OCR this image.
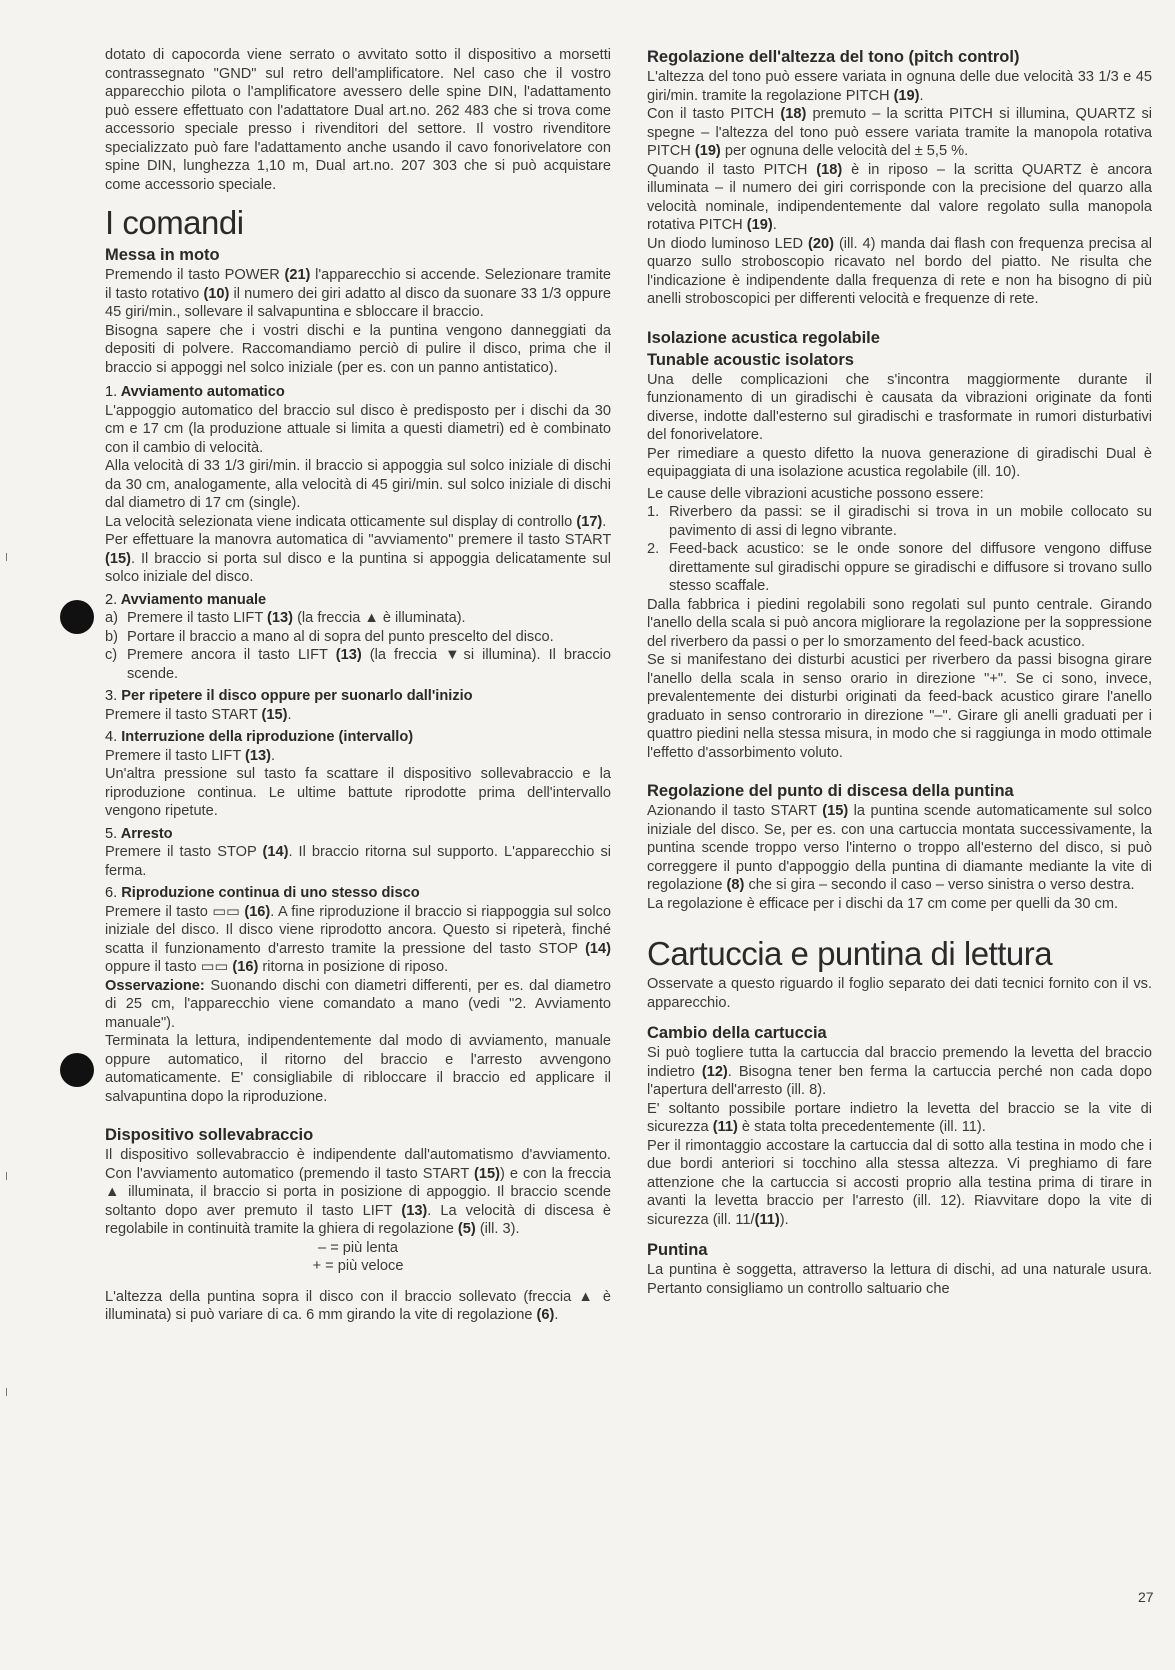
dotato di capocorda viene serrato o avvitato sotto il dispositivo a morsetti contrassegnato "GND" sul retro dell'amplificatore. Nel caso che il vostro apparecchio pilota o l'amplificatore avessero delle spine DIN, l'adattamento può essere effettuato con l'adattatore Dual art.no. 262 483 che si trova come accessorio speciale presso i rivenditori del settore. Il vostro rivenditore specializzato può fare l'adattamento anche usando il cavo fonorivelatore con spine DIN, lunghezza 1,10 m, Dual art.no. 207 303 che si può acquistare come accessorio speciale.

I comandi
Messa in moto

Premendo il tasto POWER (21) l'apparecchio si accende. Selezionare tramite il tasto rotativo (10) il numero dei giri adatto al disco da suonare 33 1/3 oppure 45 giri/min., sollevare il salvapuntina e sbloccare il braccio.

Bisogna sapere che i vostri dischi e la puntina vengono danneggiati da depositi di polvere. Raccomandiamo perciò di pulire il disco, prima che il braccio si appoggi nel solco iniziale (per es. con un panno antistatico).

1. Avviamento automatico

L'appoggio automatico del braccio sul disco è predisposto per i dischi da 30 cm e 17 cm (la produzione attuale si limita a questi diametri) ed è combinato con il cambio di velocità.

Alla velocità di 33 1/3 giri/min. il braccio si appoggia sul solco iniziale di dischi da 30 cm, analogamente, alla velocità di 45 giri/min. sul solco iniziale di dischi dal diametro di 17 cm (single).

La velocità selezionata viene indicata otticamente sul display di controllo (17).

Per effettuare la manovra automatica di "avviamento" premere il tasto START (15). Il braccio si porta sul disco e la puntina si appoggia delicatamente sul solco iniziale del disco.

2. Avviamento manuale

a) Premere il tasto LIFT (13) (la freccia ▲ è illuminata).

b) Portare il braccio a mano al di sopra del punto prescelto del disco.

c) Premere ancora il tasto LIFT (13) (la freccia ▼si illumina). Il braccio scende.

3. Per ripetere il disco oppure per suonarlo dall'inizio

Premere il tasto START (15).

4. Interruzione della riproduzione (intervallo)

Premere il tasto LIFT (13).

Un'altra pressione sul tasto fa scattare il dispositivo sollevabraccio e la riproduzione continua. Le ultime battute riprodotte prima dell'intervallo vengono ripetute.

5. Arresto

Premere il tasto STOP (14). Il braccio ritorna sul supporto. L'apparecchio si ferma.

6. Riproduzione continua di uno stesso disco

Premere il tasto ▭▭ (16). A fine riproduzione il braccio si riappoggia sul solco iniziale del disco. Il disco viene riprodotto ancora. Questo si ripeterà, finché scatta il funzionamento d'arresto tramite la pressione del tasto STOP (14) oppure il tasto ▭▭ (16) ritorna in posizione di riposo.

Osservazione: Suonando dischi con diametri differenti, per es. dal diametro di 25 cm, l'apparecchio viene comandato a mano (vedi "2. Avviamento manuale").

Terminata la lettura, indipendentemente dal modo di avviamento, manuale oppure automatico, il ritorno del braccio e l'arresto avvengono automaticamente. E' consigliabile di ribloccare il braccio ed applicare il salvapuntina dopo la riproduzione.

Dispositivo sollevabraccio

Il dispositivo sollevabraccio è indipendente dall'automatismo d'avviamento. Con l'avviamento automatico (premendo il tasto START (15)) e con la freccia ▲ illuminata, il braccio si porta in posizione di appoggio. Il braccio scende soltanto dopo aver premuto il tasto LIFT (13). La velocità di discesa è regolabile in continuità tramite la ghiera di regolazione (5) (ill. 3).

– = più lenta

+ = più veloce

L'altezza della puntina sopra il disco con il braccio sollevato (freccia ▲ è illuminata) si può variare di ca. 6 mm girando la vite di regolazione (6).

Regolazione dell'altezza del tono (pitch control)

L'altezza del tono può essere variata in ognuna delle due velocità 33 1/3 e 45 giri/min. tramite la regolazione PITCH (19).

Con il tasto PITCH (18) premuto – la scritta PITCH si illumina, QUARTZ si spegne – l'altezza del tono può essere variata tramite la manopola rotativa PITCH (19) per ognuna delle velocità del ± 5,5 %.

Quando il tasto PITCH (18) è in riposo – la scritta QUARTZ è ancora illuminata – il numero dei giri corrisponde con la precisione del quarzo alla velocità nominale, indipendentemente dal valore regolato sulla manopola rotativa PITCH (19).

Un diodo luminoso LED (20) (ill. 4) manda dai flash con frequenza precisa al quarzo sullo stroboscopio ricavato nel bordo del piatto. Ne risulta che l'indicazione è indipendente dalla frequenza di rete e non ha bisogno di più anelli stroboscopici per differenti velocità e frequenze di rete.

Isolazione acustica regolabile
Tunable acoustic isolators

Una delle complicazioni che s'incontra maggiormente durante il funzionamento di un giradischi è causata da vibrazioni originate da fonti diverse, indotte dall'esterno sul giradischi e trasformate in rumori disturbativi del fonorivelatore.

Per rimediare a questo difetto la nuova generazione di giradischi Dual è equipaggiata di una isolazione acustica regolabile (ill. 10).

Le cause delle vibrazioni acustiche possono essere:

1. Riverbero da passi: se il giradischi si trova in un mobile collocato su pavimento di assi di legno vibrante.

2. Feed-back acustico: se le onde sonore del diffusore vengono diffuse direttamente sul giradischi oppure se giradischi e diffusore si trovano sullo stesso scaffale.

Dalla fabbrica i piedini regolabili sono regolati sul punto centrale. Girando l'anello della scala si può ancora migliorare la regolazione per la soppressione del riverbero da passi o per lo smorzamento del feed-back acustico.

Se si manifestano dei disturbi acustici per riverbero da passi bisogna girare l'anello della scala in senso orario in direzione "+". Se ci sono, invece, prevalentemente dei disturbi originati da feed-back acustico girare l'anello graduato in senso controrario in direzione "–". Girare gli anelli graduati per i quattro piedini nella stessa misura, in modo che si raggiunga in modo ottimale l'effetto d'assorbimento voluto.

Regolazione del punto di discesa della puntina

Azionando il tasto START (15) la puntina scende automaticamente sul solco iniziale del disco. Se, per es. con una cartuccia montata successivamente, la puntina scende troppo verso l'interno o troppo all'esterno del disco, si può correggere il punto d'appoggio della puntina di diamante mediante la vite di regolazione (8) che si gira – secondo il caso – verso sinistra o verso destra.

La regolazione è efficace per i dischi da 17 cm come per quelli da 30 cm.

Cartuccia e puntina di lettura

Osservate a questo riguardo il foglio separato dei dati tecnici fornito con il vs. apparecchio.

Cambio della cartuccia

Si può togliere tutta la cartuccia dal braccio premendo la levetta del braccio indietro (12). Bisogna tener ben ferma la cartuccia perché non cada dopo l'apertura dell'arresto (ill. 8).

E' soltanto possibile portare indietro la levetta del braccio se la vite di sicurezza (11) è stata tolta precedentemente (ill. 11).

Per il rimontaggio accostare la cartuccia dal di sotto alla testina in modo che i due bordi anteriori si tocchino alla stessa altezza. Vi preghiamo di fare attenzione che la cartuccia si accosti proprio alla testina prima di tirare in avanti la levetta braccio per l'arresto (ill. 12). Riavvitare dopo la vite di sicurezza (ill. 11/(11)).

Puntina

La puntina è soggetta, attraverso la lettura di dischi, ad una naturale usura. Pertanto consigliamo un controllo saltuario che

27
